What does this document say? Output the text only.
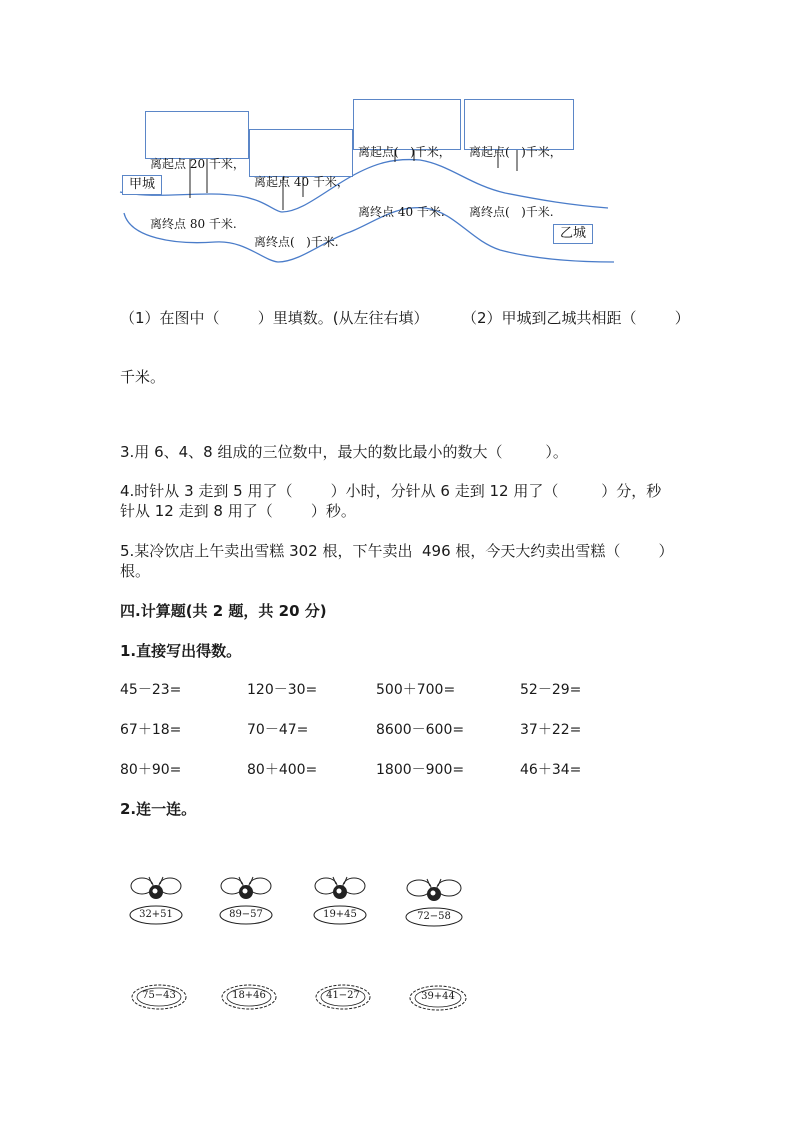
离起点 20 千米，

离终点 80 千米.

离起点 40 千米，

离终点(   )千米.

离起点(   )千米，

离终点 40 千米.

离起点(   )千米，

离终点(   )千米.

甲城
乙城
（1）在图中（        ）里填数。(从左往右填） （2）甲城到乙城共相距（        ）
千米。
3.用 6、4、8 组成的三位数中，最大的数比最小的数大（         ）。
4.时针从 3 走到 5 用了（        ）小时，分针从 6 走到 12 用了（         ）分，秒
针从 12 走到 8 用了（        ）秒。
5.某冷饮店上午卖出雪糕 302 根，下午卖出  496 根，今天大约卖出雪糕（        ）
根。
四.计算题(共 2 题，共 20 分)
1.直接写出得数。
45－23=	120－30=	500＋700=	52－29=
67＋18=	70－47=	8600－600=	37＋22=
80＋90=	80＋400=	1800－900=	46＋34=
2.连一连。
32+51	89−57	19+45	72−58
75−43	18+46	41−27	39+44
